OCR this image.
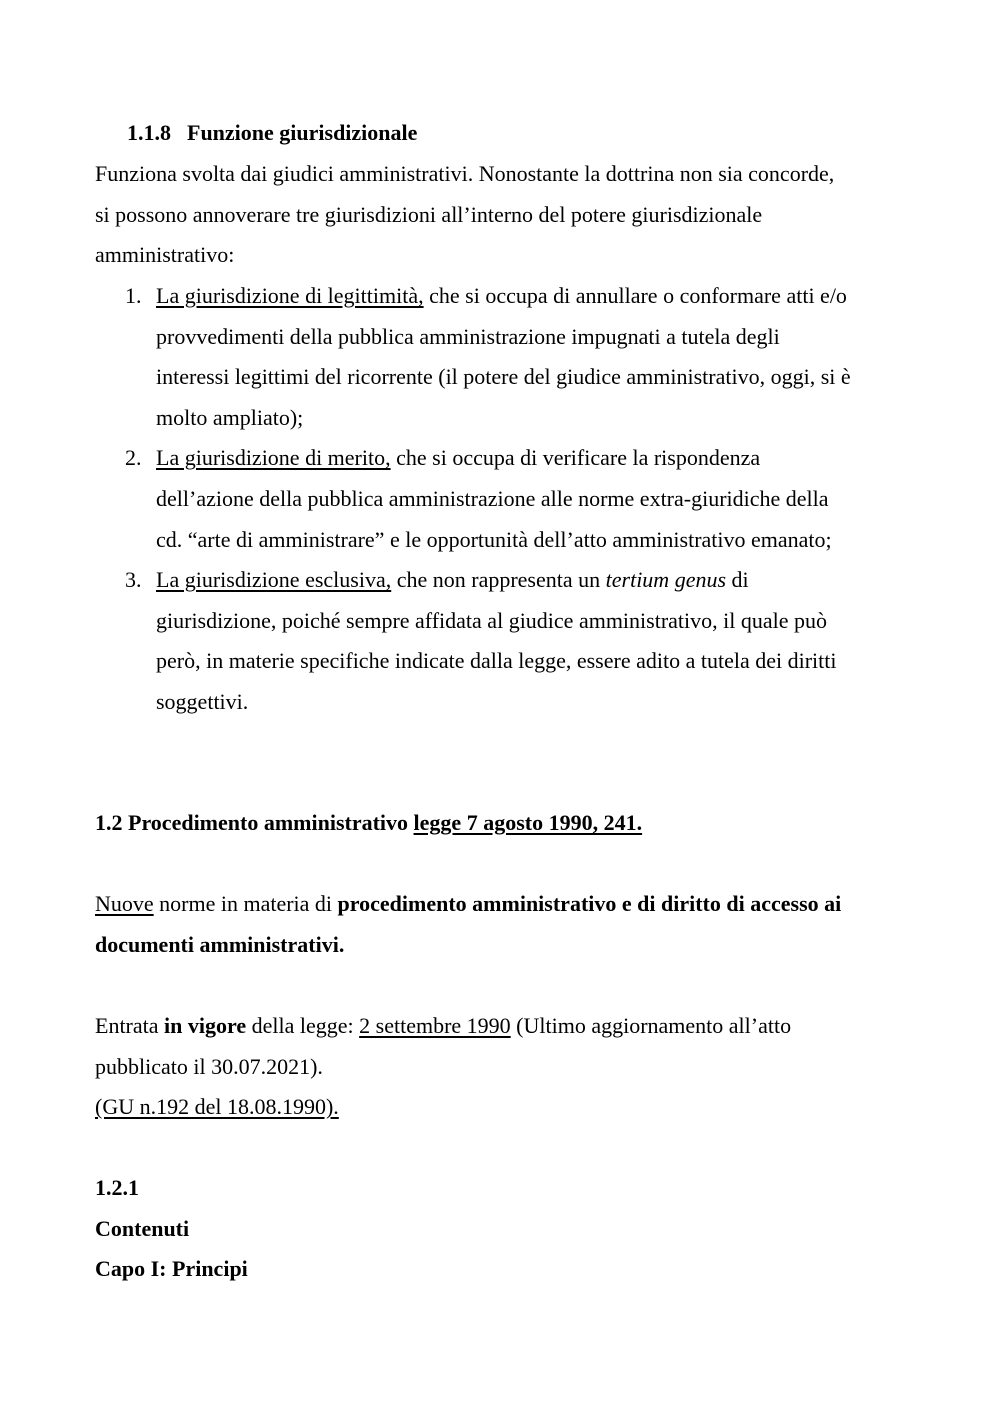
1.1.8 Funzione giurisdizionale
Funziona svolta dai giudici amministrativi. Nonostante la dottrina non sia concorde,
si possono annoverare tre giurisdizioni all’interno del potere giurisdizionale
amministrativo:
1. La giurisdizione di legittimità, che si occupa di annullare o conformare atti e/o
provvedimenti della pubblica amministrazione impugnati a tutela degli
interessi legittimi del ricorrente (il potere del giudice amministrativo, oggi, si è
molto ampliato);
2. La giurisdizione di merito, che si occupa di verificare la rispondenza
dell’azione della pubblica amministrazione alle norme extra-giuridiche della
cd. “arte di amministrare” e le opportunità dell’atto amministrativo emanato;
3. La giurisdizione esclusiva, che non rappresenta un tertium genus di
giurisdizione, poiché sempre affidata al giudice amministrativo, il quale può
però, in materie specifiche indicate dalla legge, essere adito a tutela dei diritti
soggettivi.
1.2 Procedimento amministrativo legge 7 agosto 1990, 241.
Nuove norme in materia di procedimento amministrativo e di diritto di accesso ai
documenti amministrativi.
Entrata in vigore della legge: 2 settembre 1990 (Ultimo aggiornamento all’atto
pubblicato il 30.07.2021).
(GU n.192 del 18.08.1990).
1.2.1
Contenuti
Capo I: Principi
